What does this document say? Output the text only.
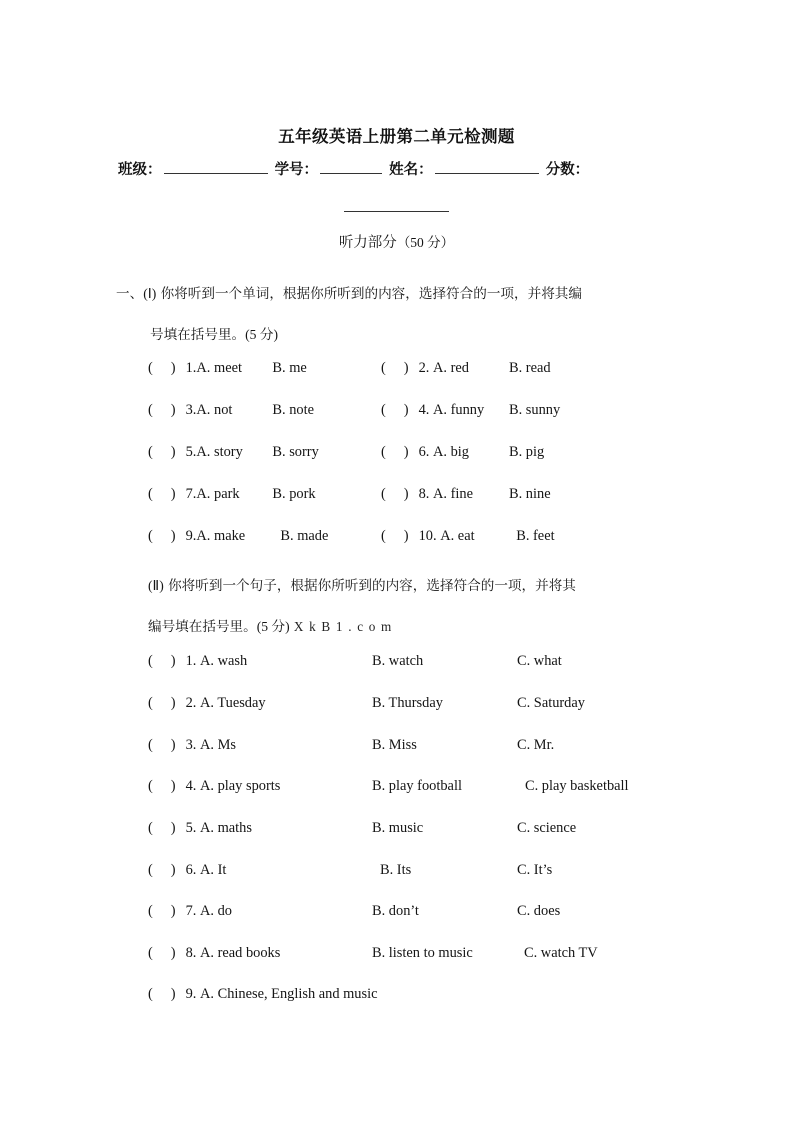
五年级英语上册第二单元检测题
班级：	学号：	姓名：	分数：
听力部分（50 分）
一、(Ⅰ) 你将听到一个单词，根据你所听到的内容，选择符合的一项，并将其编
号填在括号里。(5 分)
( ) 1.A. meet B. me	( ) 2. A. red	B. read
( ) 3.A. not	B. note	( ) 4. A. funny B. sunny
( ) 5.A. story B. sorry	( ) 6. A. big	B. pig
( ) 7.A. park B. pork	( ) 8. A. fine	B. nine
( ) 9.A. make B. made	( ) 10. A. eat	B. feet
(Ⅱ) 你将听到一个句子，根据你所听到的内容，选择符合的一项，并将其
编号填在括号里。(5 分) X k B 1 . c o m
( ) 1. A. wash	B. watch	C. what
( ) 2. A. Tuesday	B. Thursday	C. Saturday
( ) 3. A. Ms	B. Miss	C. Mr.
( ) 4. A. play sports	B. play football	C. play basketball
( ) 5. A. maths	B. music	C. science
( ) 6. A. It	B. Its	C. It’s
( ) 7. A. do	B. don’t	C. does
( ) 8. A. read books	B. listen to music	C. watch TV
( ) 9. A. Chinese, English and music
